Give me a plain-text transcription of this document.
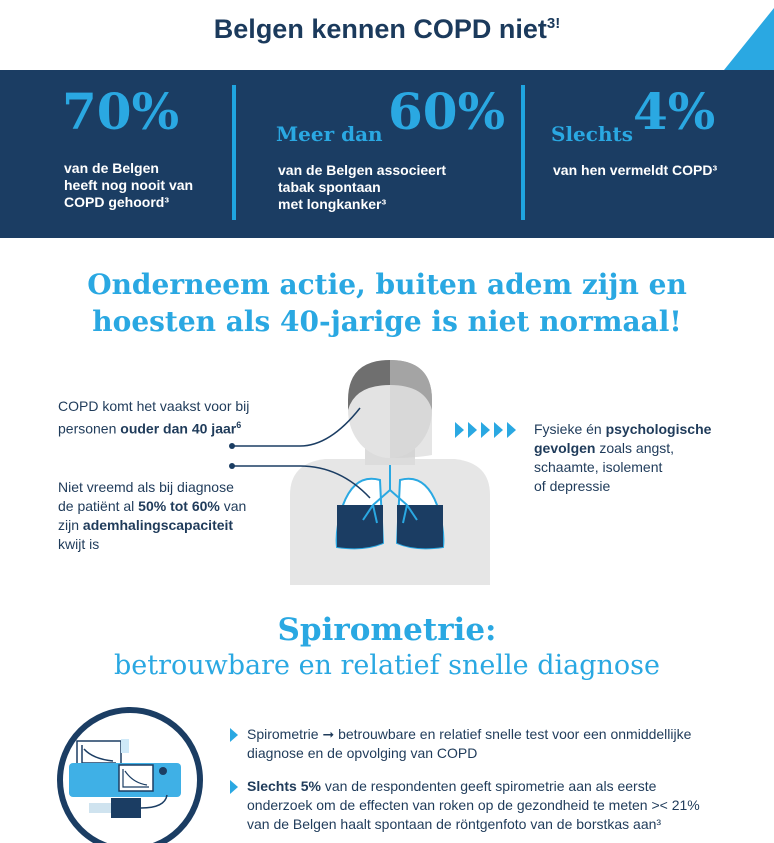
Belgen kennen COPD niet$^{3!}$
70%
van de Belgen
heeft nog nooit van
COPD gehoord³
Meer dan 60%
van de Belgen associeert
tabak spontaan
met longkanker³
Slechts 4%
van hen vermeldt COPD³
Onderneem actie, buiten adem zijn en
hoesten als 40-jarige is niet normaal!
COPD komt het vaakst voor bij
personen ouder dan 40 jaar$^6$
Niet vreemd als bij diagnose
de patiënt al 50% tot 60% van
zijn ademhalingscapaciteit
kwijt is
Fysieke én psychologische
gevolgen zoals angst,
schaamte, isolement
of depressie
Spirometrie:
betrouwbare en relatief snelle diagnose
Spirometrie ➞ betrouwbare en relatief snelle test voor een onmiddellijke
diagnose en de opvolging van COPD
Slechts 5% van de respondenten geeft spirometrie aan als eerste
onderzoek om de effecten van roken op de gezondheid te meten >< 21%
van de Belgen haalt spontaan de röntgenfoto van de borstkas aan³
